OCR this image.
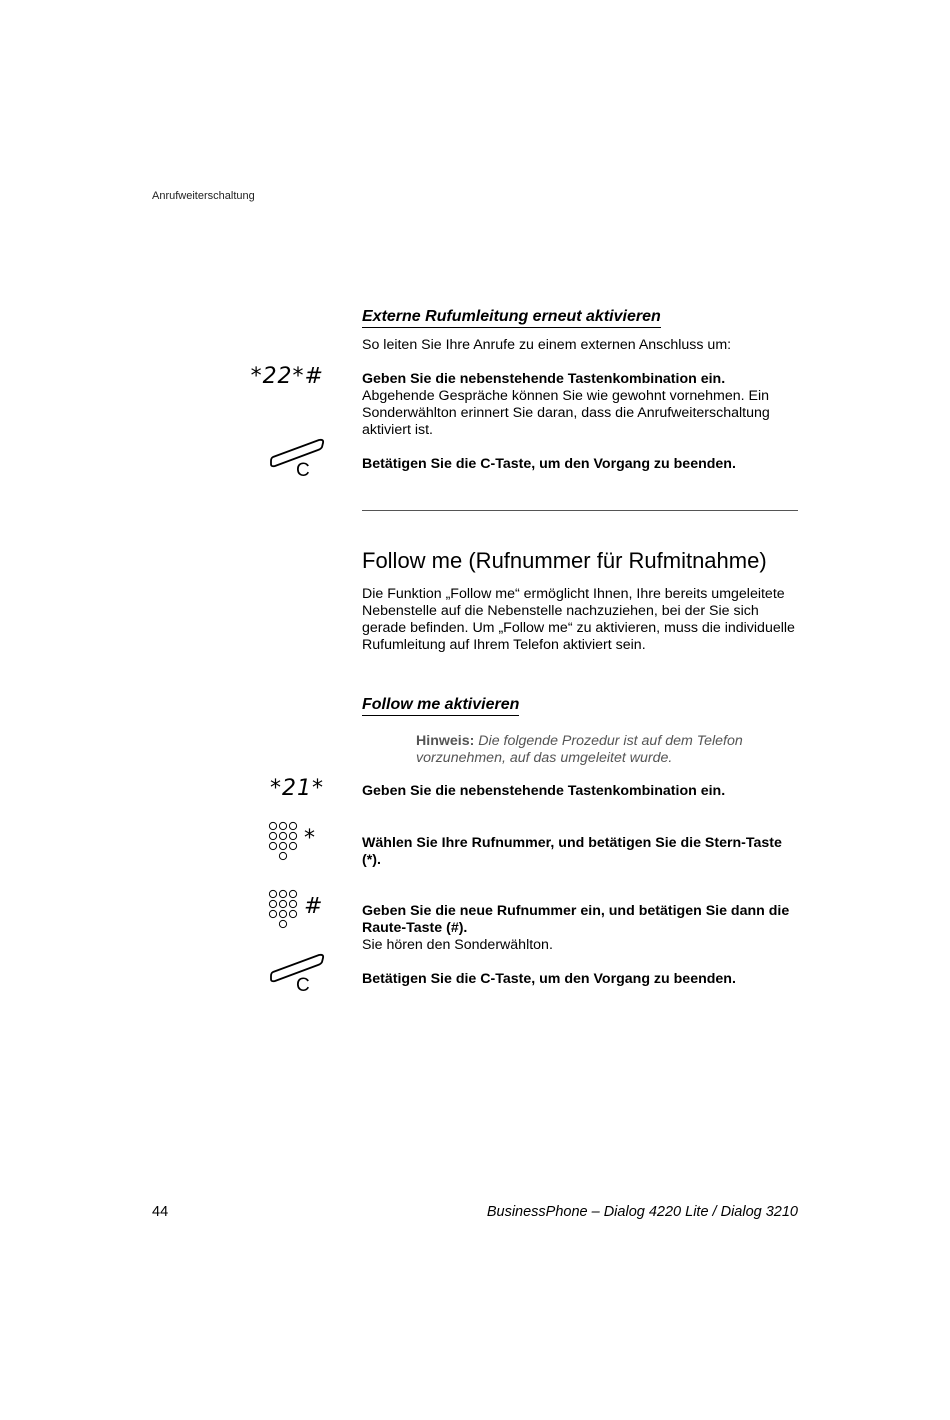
Anrufweiterschaltung
Externe Rufumleitung erneut aktivieren
So leiten Sie Ihre Anrufe zu einem externen Anschluss um:
*22*#	Geben Sie die nebenstehende Tastenkombination ein.
Abgehende Gespräche können Sie wie gewohnt vornehmen. Ein Sonderwählton erinnert Sie daran, dass die Anrufweiterschaltung aktiviert ist.
C	Betätigen Sie die C-Taste, um den Vorgang zu beenden.
Follow me (Rufnummer für Rufmitnahme)
Die Funktion „Follow me“ ermöglicht Ihnen, Ihre bereits umgeleitete Nebenstelle auf die Nebenstelle nachzuziehen, bei der Sie sich gerade befinden. Um „Follow me“ zu aktivieren, muss die individuelle Rufumleitung auf Ihrem Telefon aktiviert sein.
Follow me aktivieren
Hinweis: Die folgende Prozedur ist auf dem Telefon vorzunehmen, auf das umgeleitet wurde.
*21*	Geben Sie die nebenstehende Tastenkombination ein.
*	Wählen Sie Ihre Rufnummer, und betätigen Sie die Stern-Taste (*).
#	Geben Sie die neue Rufnummer ein, und betätigen Sie dann die Raute-Taste (#).
Sie hören den Sonderwählton.
C	Betätigen Sie die C-Taste, um den Vorgang zu beenden.
44	BusinessPhone – Dialog 4220 Lite / Dialog 3210
